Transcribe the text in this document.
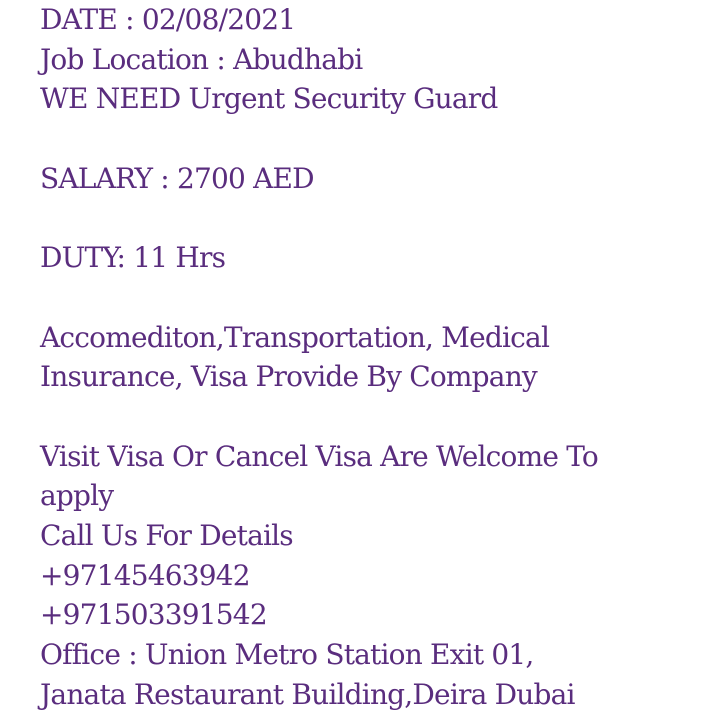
DATE : 02/08/2021
Job Location : Abudhabi
WE NEED Urgent Security Guard
SALARY : 2700 AED
DUTY: 11 Hrs
Accomediton,Transportation, Medical
Insurance, Visa Provide By Company
Visit Visa Or Cancel Visa Are Welcome To
apply
Call Us For Details
+97145463942
+971503391542
Office : Union Metro Station Exit 01,
Janata Restaurant Building,Deira Dubai
